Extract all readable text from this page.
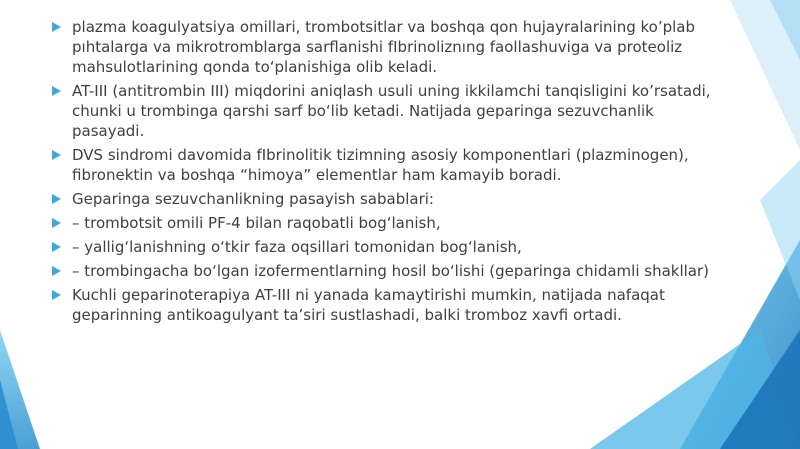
plazma koagulyatsiya omillari, trombotsitlar va boshqa qon hujayralarining ko’plab
pıhtalarga va mikrotromblarga sarflanishi fIbrinoliznıng faollashuviga va proteoliz
mahsulotlarining qonda to‘planishiga olib keladi.
AT-III (antitrombin III) miqdorini aniqlash usuli uning ikkilamchi tanqisligini ko’rsatadi,
chunki u trombinga qarshi sarf bo‘lib ketadi. Natijada geparinga sezuvchanlik
pasayadi.
DVS sindromi davomida fIbrinolitik tizimning asosiy komponentlari (plazminogen),
fibronektin va boshqa “himoya” elementlar ham kamayib boradi.
Geparinga sezuvchanlikning pasayish sabablari:
– trombotsit omili PF-4 bilan raqobatli bog‘lanish,
– yallig‘lanishning o‘tkir faza oqsillari tomonidan bog‘lanish,
– trombingacha bo‘lgan izofermentlarning hosil bo‘lishi (geparinga chidamli shakllar)
Kuchli geparinoterapiya AT-III ni yanada kamaytirishi mumkin, natijada nafaqat
geparinning antikoagulyant ta’siri sustlashadi, balki tromboz xavfi ortadi.
